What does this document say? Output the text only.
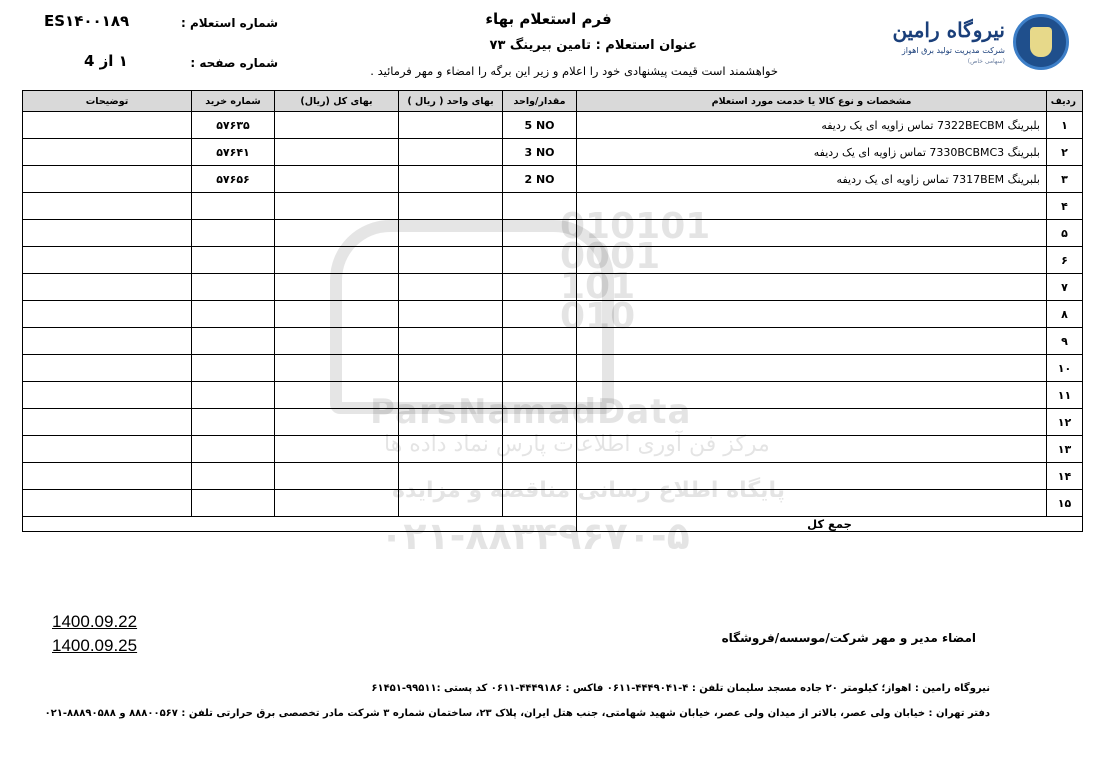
010101
0001
101
010
ParsNamadData
مرکز فن آوری اطلاعات پارس نماد داده ها
پایگاه اطلاع رسانی مناقصه و مزایده
۰۲۱-۸۸۳۴۹۶۷۰-۵
نیروگاه رامین
شرکت مدیریت تولید برق اهواز
(سهامی خاص)
فرم استعلام بهاء
عنوان استعلام : تامین بیرینگ ۷۳
خواهشمند است قیمت پیشنهادی خود را اعلام و زیر این برگه را امضاء و مهر فرمائید .
شماره استعلام :
ES۱۴۰۰۱۸۹
شماره صفحه :
۱ از 4
ردیف	مشخصات و نوع کالا یا خدمت مورد استعلام	مقدار/واحد	بهای واحد ( ریال )	بهای کل (ریال)	شماره خرید	توضیحات
۱	بلبرینگ 7322BECBM تماس زاویه ای یک ردیفه	5 NO			۵۷۶۳۵	
۲	بلبرینگ 7330BCBMC3 تماس زاویه ای یک ردیفه	3 NO			۵۷۶۴۱	
۳	بلبرینگ 7317BEM تماس زاویه ای یک ردیفه	2 NO			۵۷۶۵۶	
۴						
۵						
۶						
۷						
۸						
۹						
۱۰						
۱۱						
۱۲						
۱۳						
۱۴						
۱۵						
جمع کل						
1400.09.22
1400.09.25	امضاء مدیر و مهر شرکت/موسسه/فروشگاه
نیروگاه رامین : اهواز؛ کیلومتر ۲۰ جاده مسجد سلیمان تلفن : ۴-۴۴۴۹۰۴۱-۰۶۱۱ فاکس : ۴۴۴۹۱۸۶-۰۶۱۱ کد پستی :۹۹۵۱۱-۶۱۴۵۱
دفتر تهران : خیابان ولی عصر، بالاتر از میدان ولی عصر، خیابان شهید شهامتی، جنب هتل ایران، پلاک ۲۳، ساختمان شماره ۳ شرکت مادر تخصصی برق حرارتی تلفن : ۸۸۸۰۰۵۶۷ و ۸۸۸۹۰۵۸۸-۰۲۱
